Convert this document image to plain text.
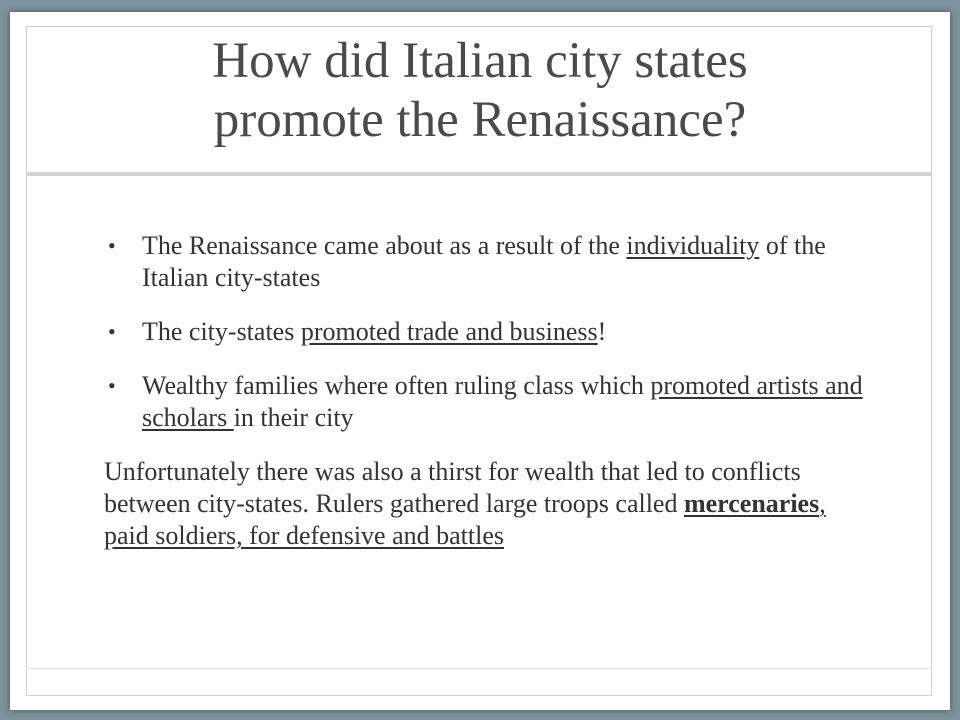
How did Italian city states
promote the Renaissance?
• The Renaissance came about as a result of the individuality of the Italian city-states
• The city-states promoted trade and business!
• Wealthy families where often ruling class which promoted artists and scholars in their city
Unfortunately there was also a thirst for wealth that led to conflicts between city-states. Rulers gathered large troops called mercenaries, paid soldiers, for defensive and battles
